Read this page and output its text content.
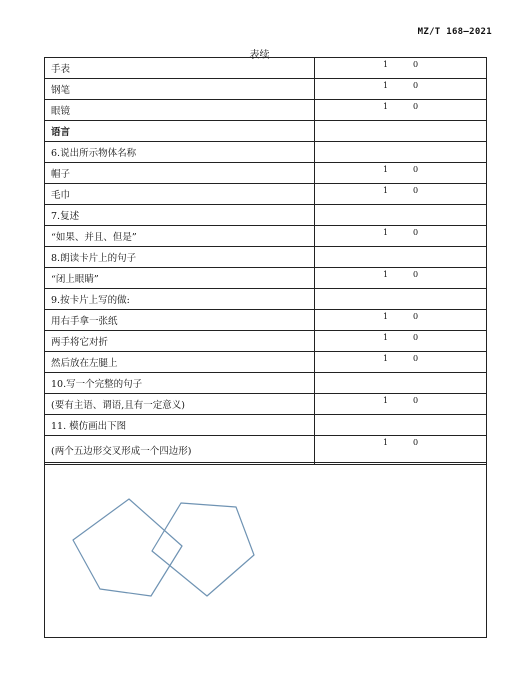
MZ/T 168—2021
表续
手表	1 0

钢笔	1 0

眼镜	1 0

语言	

6.说出所示物体名称	

帽子	1 0

毛巾	1 0

7.复述	

“如果、并且、但是”	1 0

8.朗读卡片上的句子	

“闭上眼睛”	1 0

9.按卡片上写的做:	

用右手拿一张纸	1 0

两手将它对折	1 0

然后放在左腿上	1 0

10.写一个完整的句子	

(要有主语、谓语,且有一定意义)	1 0

11. 模仿画出下图	

(两个五边形交叉形成一个四边形)	1 0
